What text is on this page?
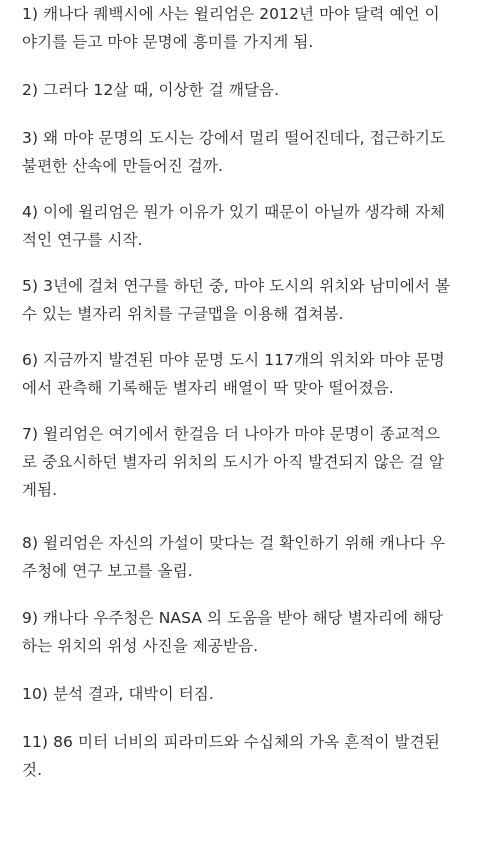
1) 캐나다 퀘백시에 사는 윌리엄은 2012년 마야 달력 예언 이
야기를 듣고 마야 문명에 흥미를 가지게 됨.

2) 그러다 12살 때, 이상한 걸 깨달음.

3) 왜 마야 문명의 도시는 강에서 멀리 떨어진데다, 접근하기도
불편한 산속에 만들어진 걸까.

4) 이에 윌리엄은 뭔가 이유가 있기 때문이 아닐까 생각해 자체
적인 연구를 시작.

5) 3년에 걸쳐 연구를 하던 중, 마야 도시의 위치와 남미에서 볼
수 있는 별자리 위치를 구글맵을 이용해 겹쳐봄.

6) 지금까지 발견된 마야 문명 도시 117개의 위치와 마야 문명
에서 관측해 기록해둔 별자리 배열이 딱 맞아 떨어졌음.

7) 윌리엄은 여기에서 한걸음 더 나아가 마야 문명이 종교적으
로 중요시하던 별자리 위치의 도시가 아직 발견되지 않은 걸 알
게됨.

8) 윌리엄은 자신의 가설이 맞다는 걸 확인하기 위해 캐나다 우
주청에 연구 보고를 올림.

9) 캐나다 우주청은 NASA 의 도움을 받아 해당 별자리에 해당
하는 위치의 위성 사진을 제공받음.

10) 분석 결과, 대박이 터짐.

11) 86 미터 너비의 피라미드와 수십체의 가옥 흔적이 발견된
것.
